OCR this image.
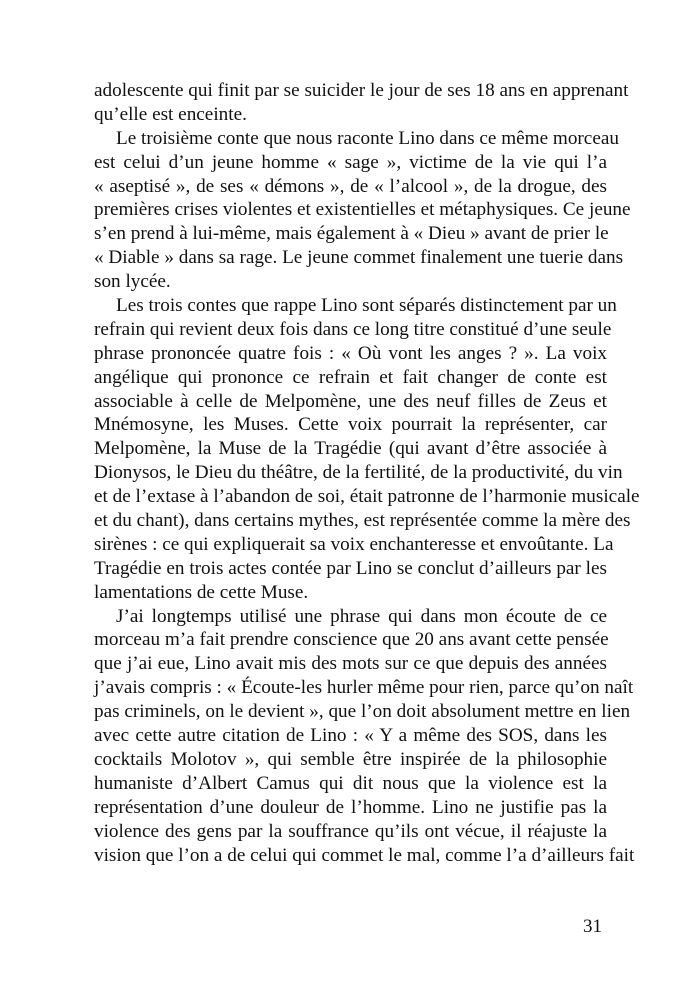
adolescente qui finit par se suicider le jour de ses 18 ans en apprenant
qu’elle est enceinte.
Le troisième conte que nous raconte Lino dans ce même morceau
est celui d’un jeune homme « sage », victime de la vie qui l’a
« aseptisé », de ses « démons », de « l’alcool », de la drogue, des
premières crises violentes et existentielles et métaphysiques. Ce jeune
s’en prend à lui-même, mais également à « Dieu » avant de prier le
« Diable » dans sa rage. Le jeune commet finalement une tuerie dans
son lycée.
Les trois contes que rappe Lino sont séparés distinctement par un
refrain qui revient deux fois dans ce long titre constitué d’une seule
phrase prononcée quatre fois : « Où vont les anges ? ». La voix
angélique qui prononce ce refrain et fait changer de conte est
associable à celle de Melpomène, une des neuf filles de Zeus et
Mnémosyne, les Muses. Cette voix pourrait la représenter, car
Melpomène, la Muse de la Tragédie (qui avant d’être associée à
Dionysos, le Dieu du théâtre, de la fertilité, de la productivité, du vin
et de l’extase à l’abandon de soi, était patronne de l’harmonie musicale
et du chant), dans certains mythes, est représentée comme la mère des
sirènes : ce qui expliquerait sa voix enchanteresse et envoûtante. La
Tragédie en trois actes contée par Lino se conclut d’ailleurs par les
lamentations de cette Muse.
J’ai longtemps utilisé une phrase qui dans mon écoute de ce
morceau m’a fait prendre conscience que 20 ans avant cette pensée
que j’ai eue, Lino avait mis des mots sur ce que depuis des années
j’avais compris : « Écoute-les hurler même pour rien, parce qu’on naît
pas criminels, on le devient », que l’on doit absolument mettre en lien
avec cette autre citation de Lino : « Y a même des SOS, dans les
cocktails Molotov », qui semble être inspirée de la philosophie
humaniste d’Albert Camus qui dit nous que la violence est la
représentation d’une douleur de l’homme. Lino ne justifie pas la
violence des gens par la souffrance qu’ils ont vécue, il réajuste la
vision que l’on a de celui qui commet le mal, comme l’a d’ailleurs fait
31
